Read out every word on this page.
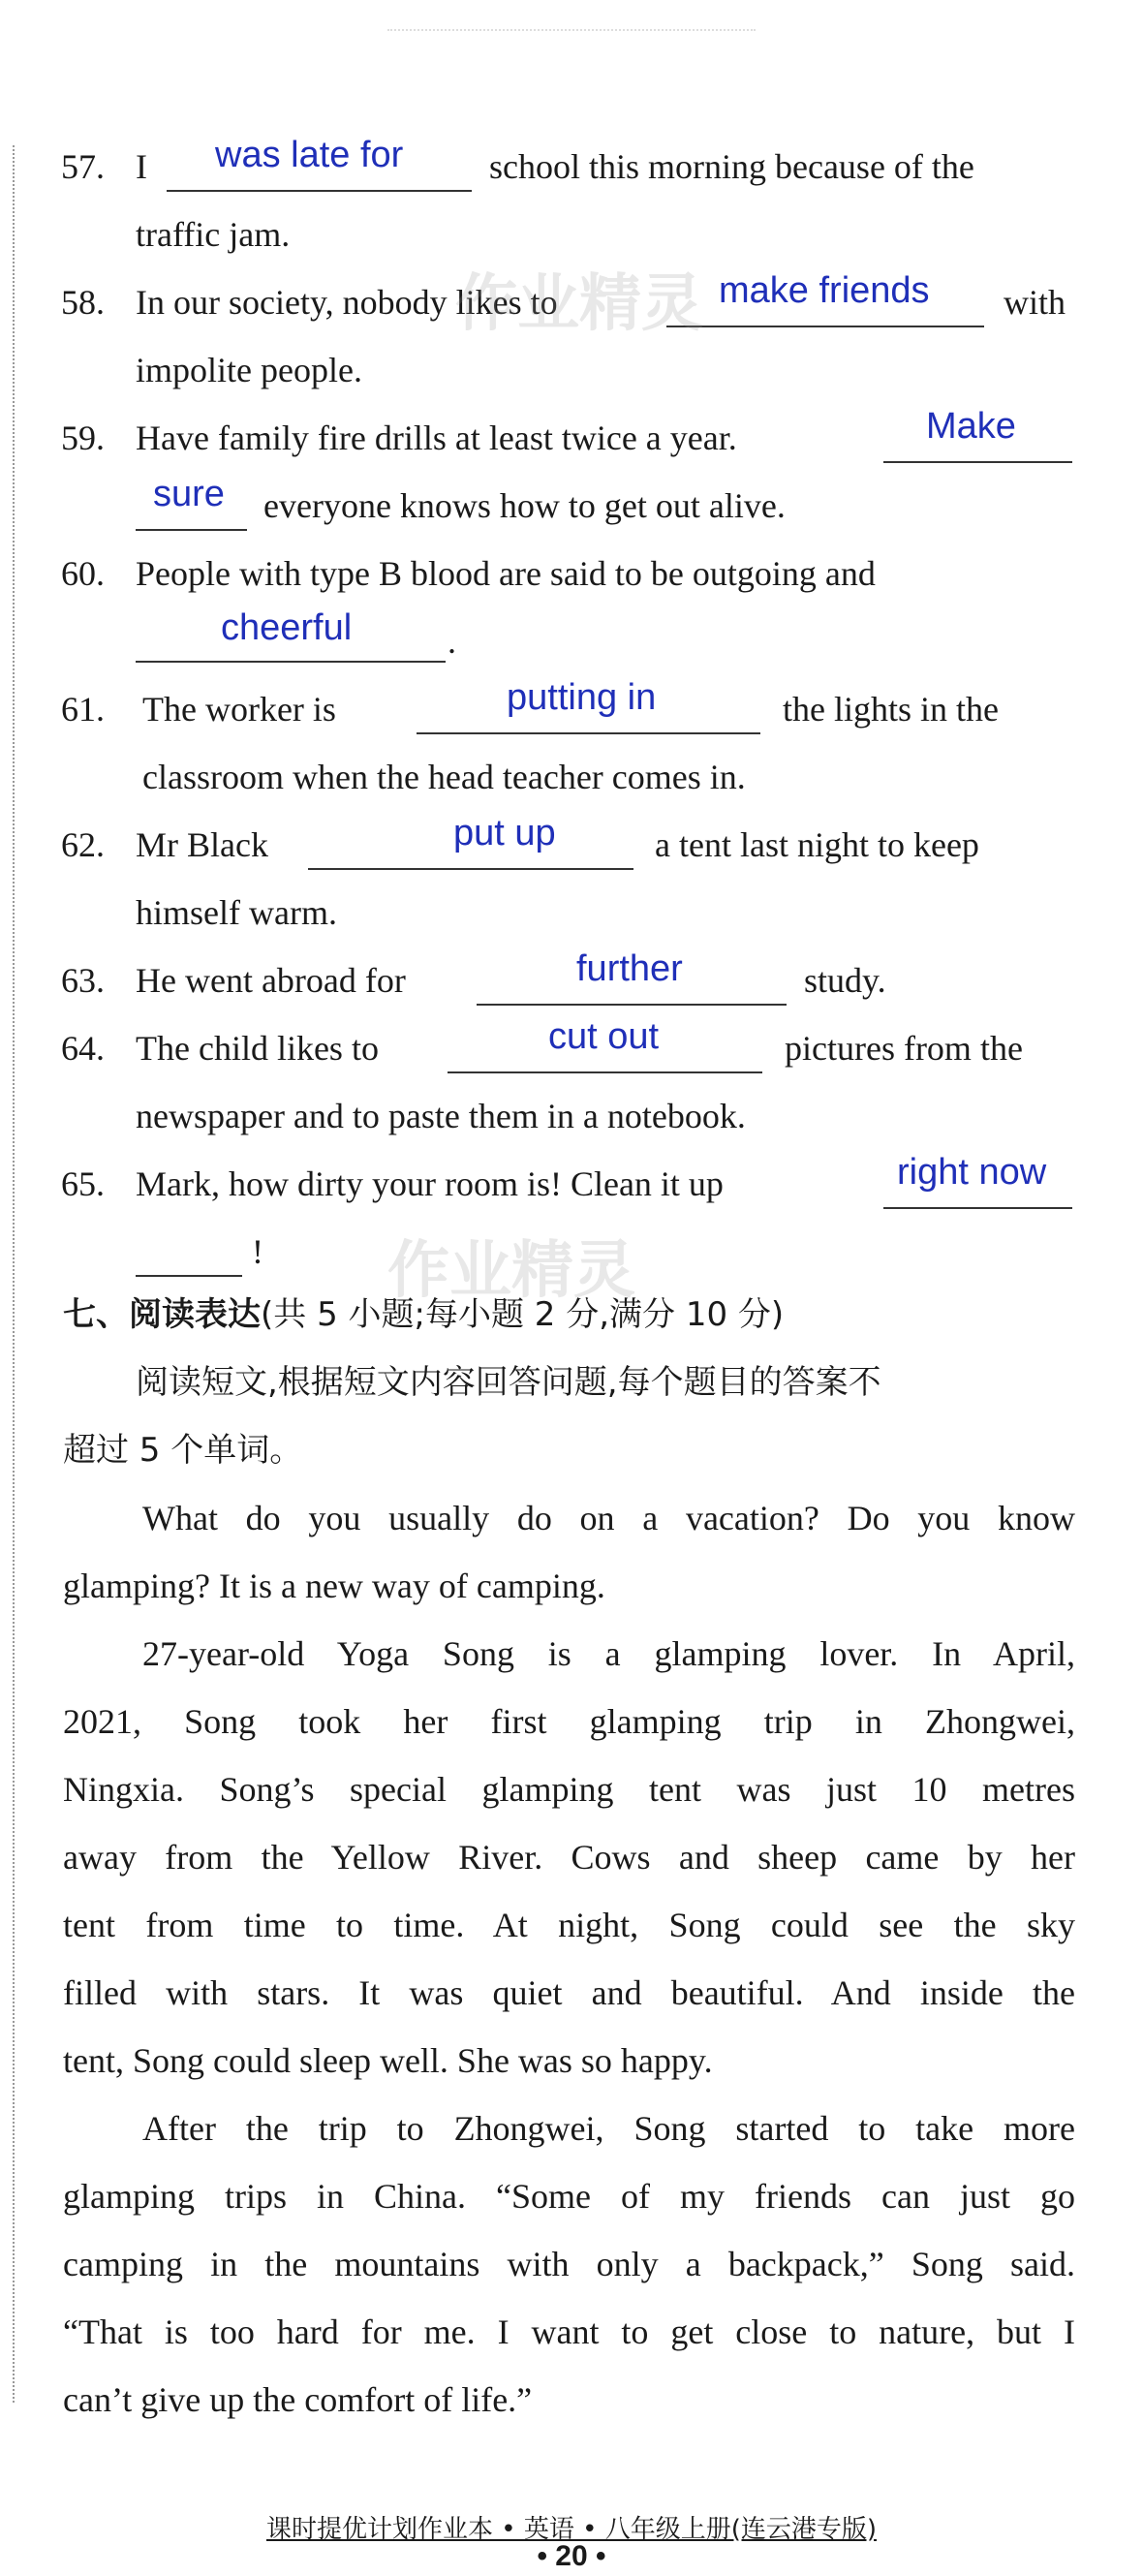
57. I was late for school this morning because of the
traffic jam.
58. In our society, nobody likes to	make friends with
impolite people.
59. Have family fire drills at least twice a year.	Make
sure everyone knows how to get out alive.
60. People with type B blood are said to be outgoing and
cheerful	.
61. The worker is	putting in	the lights in the
classroom when the head teacher comes in.
62. Mr Black	put up	a tent last night to keep
himself warm.
63. He went abroad for	further	study.
64. The child likes to	cut out	pictures from the
newspaper and to paste them in a notebook.
65. Mark, how dirty your room is! Clean it up	right now
!
作业精灵
作业精灵
七、阅读表达(共 5 小题;每小题 2 分,满分 10 分)
阅读短文,根据短文内容回答问题,每个题目的答案不
超过 5 个单词。
What do you usually do on a vacation? Do you know
glamping? It is a new way of camping.
27-year-old Yoga Song is a glamping lover. In April,
2021, Song took her first glamping trip in Zhongwei,
Ningxia. Song’s special glamping tent was just 10 metres
away from the Yellow River. Cows and sheep came by her
tent from time to time. At night, Song could see the sky
filled with stars. It was quiet and beautiful. And inside the
tent, Song could sleep well. She was so happy.
After the trip to Zhongwei, Song started to take more
glamping trips in China. “Some of my friends can just go
camping in the mountains with only a backpack,” Song said.
“That is too hard for me. I want to get close to nature, but I
can’t give up the comfort of life.”
课时提优计划作业本 • 英语 • 八年级上册(连云港专版)
• 20 •
